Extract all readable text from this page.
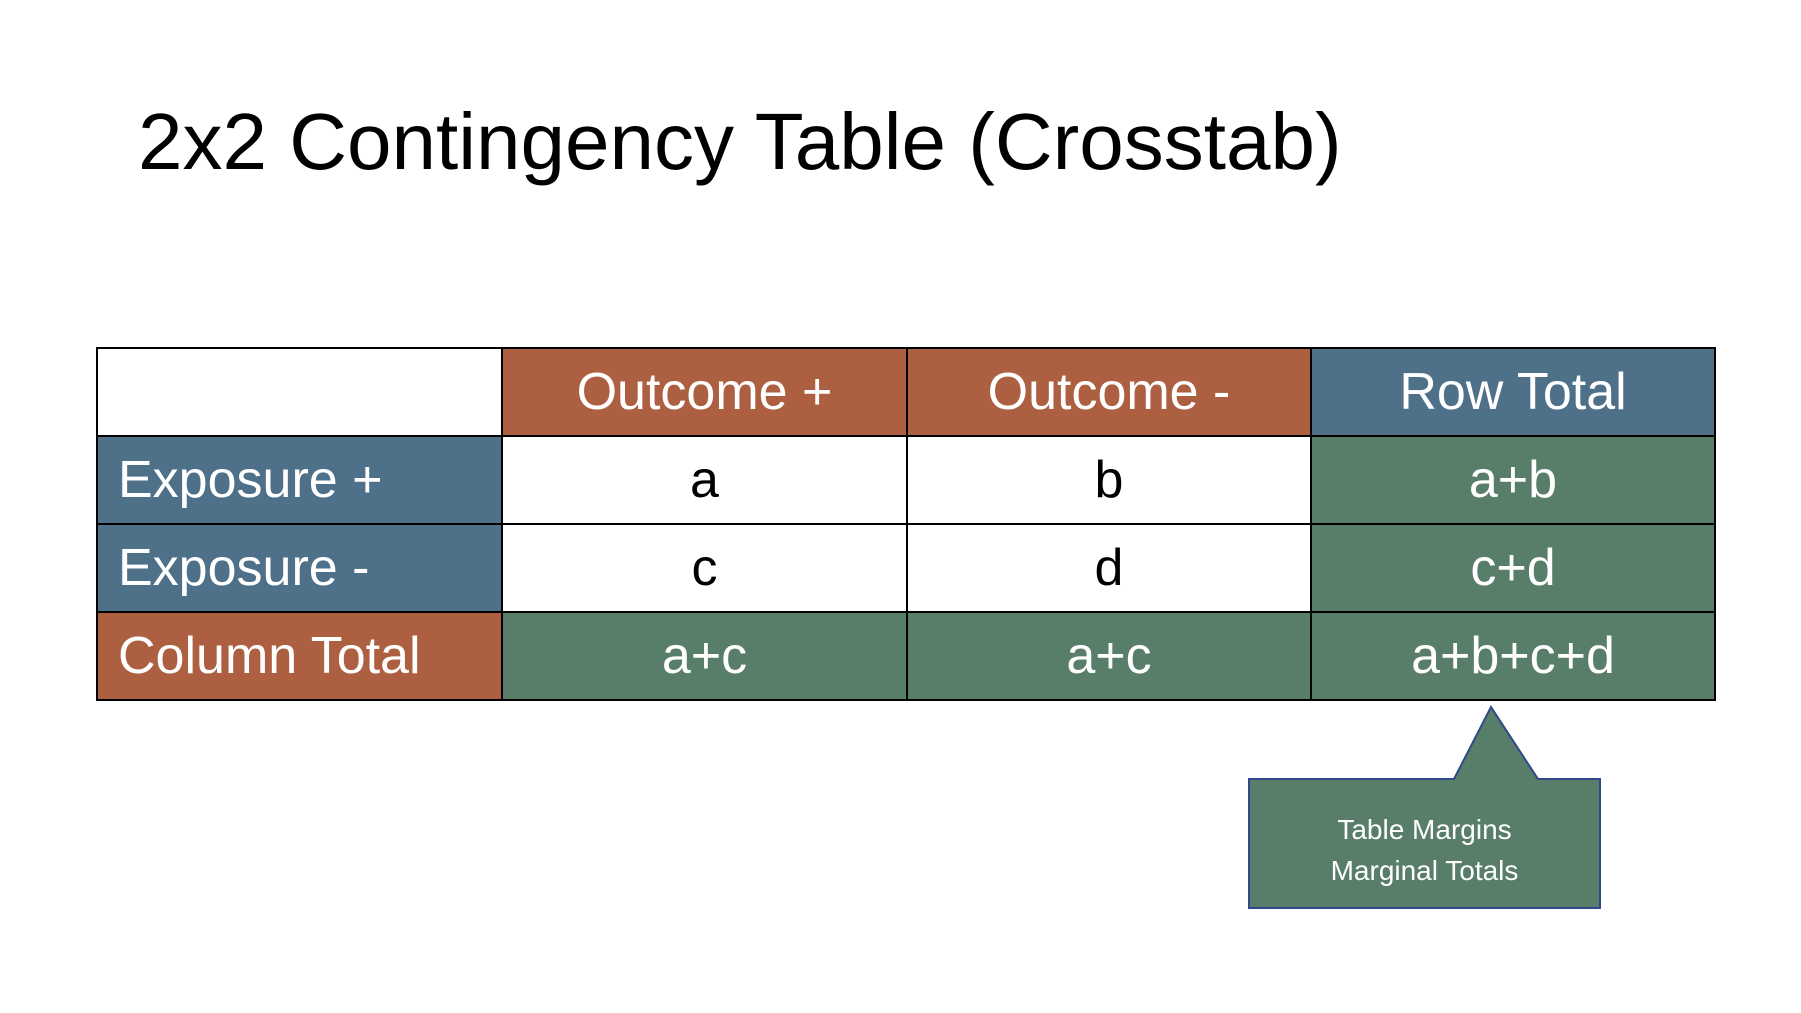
2x2 Contingency Table (Crosstab)
	Outcome +	Outcome -	Row Total
Exposure +	a	b	a+b
Exposure -	c	d	c+d
Column Total	a+c	a+c	a+b+c+d
Table Margins
Marginal Totals
